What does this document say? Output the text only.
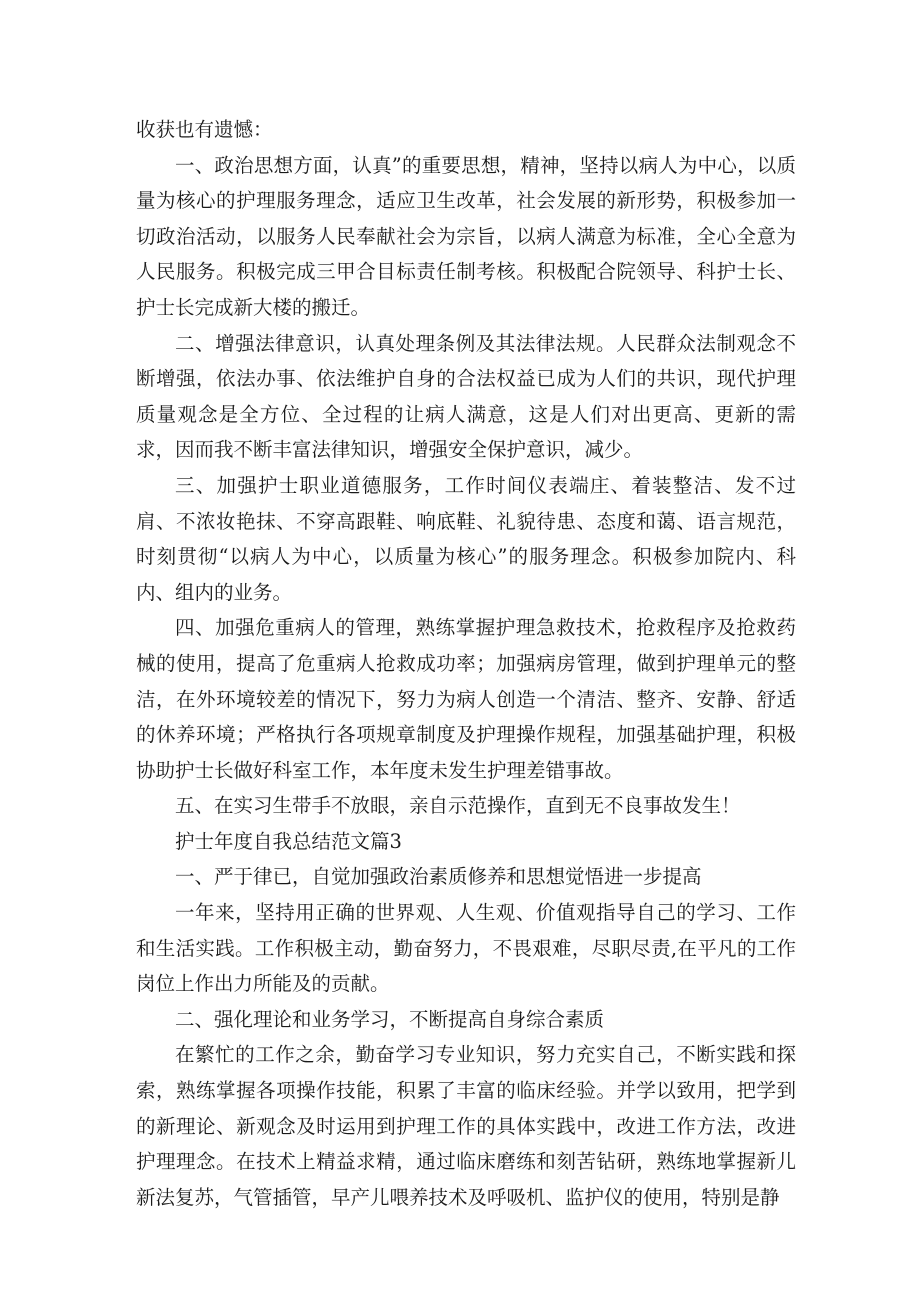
收获也有遗憾：

一、政治思想方面，认真”的重要思想，精神，坚持以病人为中心，以质量为核心的护理服务理念，适应卫生改革，社会发展的新形势，积极参加一切政治活动，以服务人民奉献社会为宗旨，以病人满意为标准，全心全意为人民服务。积极完成三甲合目标责任制考核。积极配合院领导、科护士长、护士长完成新大楼的搬迁。

二、增强法律意识，认真处理条例及其法律法规。人民群众法制观念不断增强，依法办事、依法维护自身的合法权益已成为人们的共识，现代护理质量观念是全方位、全过程的让病人满意，这是人们对出更高、更新的需求，因而我不断丰富法律知识，增强安全保护意识，减少。

三、加强护士职业道德服务，工作时间仪表端庄、着装整洁、发不过肩、不浓妆艳抹、不穿高跟鞋、响底鞋、礼貌待患、态度和蔼、语言规范，时刻贯彻“以病人为中心，以质量为核心”的服务理念。积极参加院内、科内、组内的业务。

四、加强危重病人的管理，熟练掌握护理急救技术，抢救程序及抢救药械的使用，提高了危重病人抢救成功率；加强病房管理，做到护理单元的整洁，在外环境较差的情况下，努力为病人创造一个清洁、整齐、安静、舒适的休养环境；严格执行各项规章制度及护理操作规程，加强基础护理，积极协助护士长做好科室工作，本年度未发生护理差错事故。

五、在实习生带手不放眼，亲自示范操作，直到无不良事故发生！

护士年度自我总结范文篇3

一、严于律已，自觉加强政治素质修养和思想觉悟进一步提高

一年来，坚持用正确的世界观、人生观、价值观指导自己的学习、工作和生活实践。工作积极主动，勤奋努力，不畏艰难，尽职尽责,在平凡的工作岗位上作出力所能及的贡献。

二、强化理论和业务学习，不断提高自身综合素质

在繁忙的工作之余，勤奋学习专业知识，努力充实自己，不断实践和探索，熟练掌握各项操作技能，积累了丰富的临床经验。并学以致用，把学到的新理论、新观念及时运用到护理工作的具体实践中，改进工作方法，改进护理理念。在技术上精益求精，通过临床磨练和刻苦钻研，熟练地掌握新儿新法复苏，气管插管，早产儿喂养技术及呼吸机、监护仪的使用，特别是静
